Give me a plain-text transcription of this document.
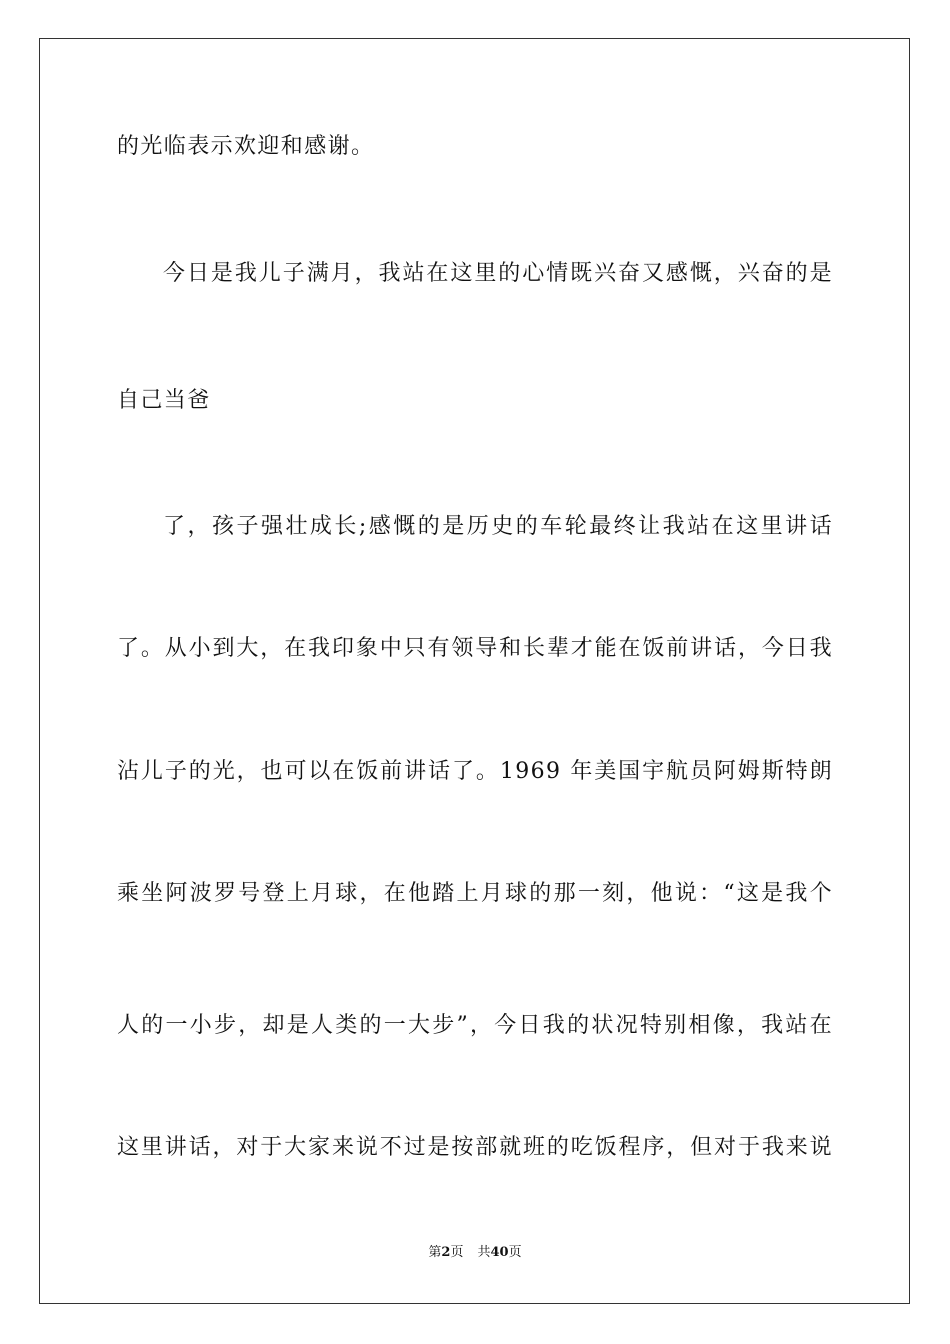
的光临表示欢迎和感谢。
今日是我儿子满月，我站在这里的心情既兴奋又感慨，兴奋的是
自己当爸
了，孩子强壮成长;感慨的是历史的车轮最终让我站在这里讲话
了。从小到大，在我印象中只有领导和长辈才能在饭前讲话，今日我
沾儿子的光，也可以在饭前讲话了。1969 年美国宇航员阿姆斯特朗
乘坐阿波罗号登上月球，在他踏上月球的那一刻，他说：“这是我个
人的一小步，却是人类的一大步”，今日我的状况特别相像，我站在
这里讲话，对于大家来说不过是按部就班的吃饭程序，但对于我来说
第2页 共40页
